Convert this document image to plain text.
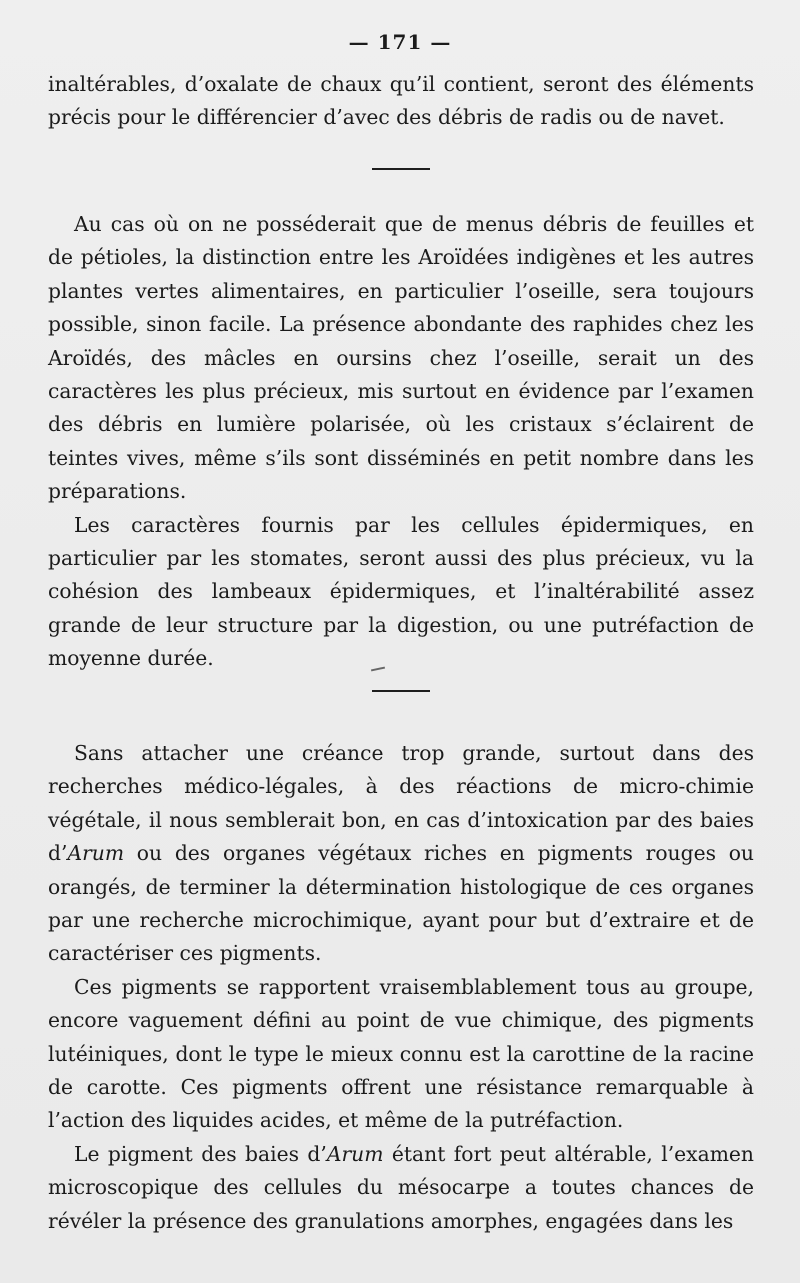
— 171 —

inaltérables, d’oxalate de chaux qu’il contient, seront des éléments précis pour le différencier d’avec des débris de radis ou de navet.

Au cas où on ne posséderait que de menus débris de feuilles et de pétioles, la distinction entre les Aroïdées indigènes et les autres plantes vertes alimentaires, en particulier l’oseille, sera toujours possible, sinon facile. La présence abondante des raphides chez les Aroïdés, des mâcles en oursins chez l’oseille, serait un des caractères les plus précieux, mis surtout en évidence par l’examen des débris en lumière polarisée, où les cristaux s’éclairent de teintes vives, même s’ils sont disséminés en petit nombre dans les préparations.

Les caractères fournis par les cellules épidermiques, en particulier par les stomates, seront aussi des plus précieux, vu la cohésion des lambeaux épidermiques, et l’inaltérabilité assez grande de leur structure par la digestion, ou une putréfaction de moyenne durée.

Sans attacher une créance trop grande, surtout dans des recherches médico-légales, à des réactions de micro-chimie végétale, il nous semblerait bon, en cas d’intoxication par des baies d’Arum ou des organes végétaux riches en pigments rouges ou orangés, de terminer la détermination histologique de ces organes par une recherche microchimique, ayant pour but d’extraire et de caractériser ces pigments.

Ces pigments se rapportent vraisemblablement tous au groupe, encore vaguement défini au point de vue chimique, des pigments lutéiniques, dont le type le mieux connu est la carottine de la racine de carotte. Ces pigments offrent une résistance remarquable à l’action des liquides acides, et même de la putréfaction.

Le pigment des baies d’Arum étant fort peut altérable, l’examen microscopique des cellules du mésocarpe a toutes chances de révéler la présence des granulations amorphes, engagées dans les
